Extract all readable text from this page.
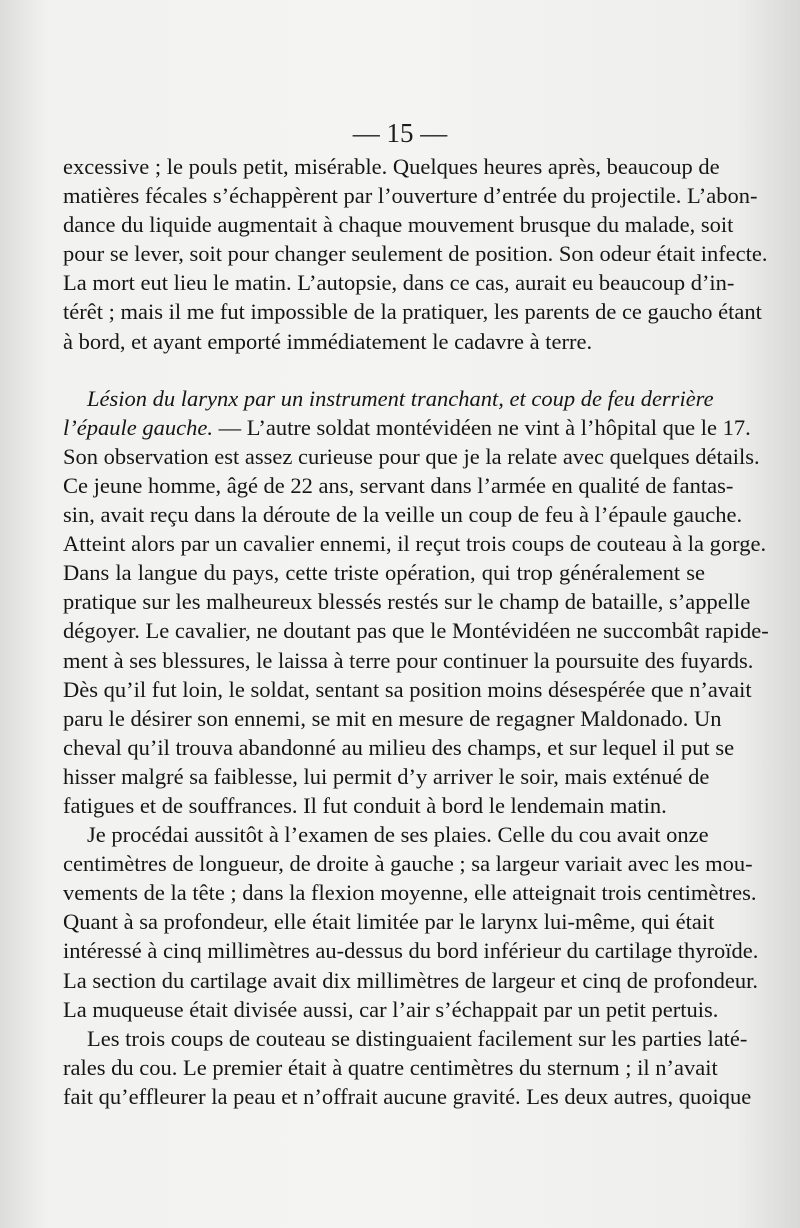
— 15 —
excessive ; le pouls petit, misérable. Quelques heures après, beaucoup de
matières fécales s’échappèrent par l’ouverture d’entrée du projectile. L’abon-
dance du liquide augmentait à chaque mouvement brusque du malade, soit
pour se lever, soit pour changer seulement de position. Son odeur était infecte.
La mort eut lieu le matin. L’autopsie, dans ce cas, aurait eu beaucoup d’in-
térêt ; mais il me fut impossible de la pratiquer, les parents de ce gaucho étant
à bord, et ayant emporté immédiatement le cadavre à terre.
Lésion du larynx par un instrument tranchant, et coup de feu derrière
l’épaule gauche. — L’autre soldat montévidéen ne vint à l’hôpital que le 17.
Son observation est assez curieuse pour que je la relate avec quelques détails.
Ce jeune homme, âgé de 22 ans, servant dans l’armée en qualité de fantas-
sin, avait reçu dans la déroute de la veille un coup de feu à l’épaule gauche.
Atteint alors par un cavalier ennemi, il reçut trois coups de couteau à la gorge.
Dans la langue du pays, cette triste opération, qui trop généralement se
pratique sur les malheureux blessés restés sur le champ de bataille, s’appelle
dégoyer. Le cavalier, ne doutant pas que le Montévidéen ne succombât rapide-
ment à ses blessures, le laissa à terre pour continuer la poursuite des fuyards.
Dès qu’il fut loin, le soldat, sentant sa position moins désespérée que n’avait
paru le désirer son ennemi, se mit en mesure de regagner Maldonado. Un
cheval qu’il trouva abandonné au milieu des champs, et sur lequel il put se
hisser malgré sa faiblesse, lui permit d’y arriver le soir, mais exténué de
fatigues et de souffrances. Il fut conduit à bord le lendemain matin.
Je procédai aussitôt à l’examen de ses plaies. Celle du cou avait onze
centimètres de longueur, de droite à gauche ; sa largeur variait avec les mou-
vements de la tête ; dans la flexion moyenne, elle atteignait trois centimètres.
Quant à sa profondeur, elle était limitée par le larynx lui-même, qui était
intéressé à cinq millimètres au-dessus du bord inférieur du cartilage thyroïde.
La section du cartilage avait dix millimètres de largeur et cinq de profondeur.
La muqueuse était divisée aussi, car l’air s’échappait par un petit pertuis.
Les trois coups de couteau se distinguaient facilement sur les parties laté-
rales du cou. Le premier était à quatre centimètres du sternum ; il n’avait
fait qu’effleurer la peau et n’offrait aucune gravité. Les deux autres, quoique
